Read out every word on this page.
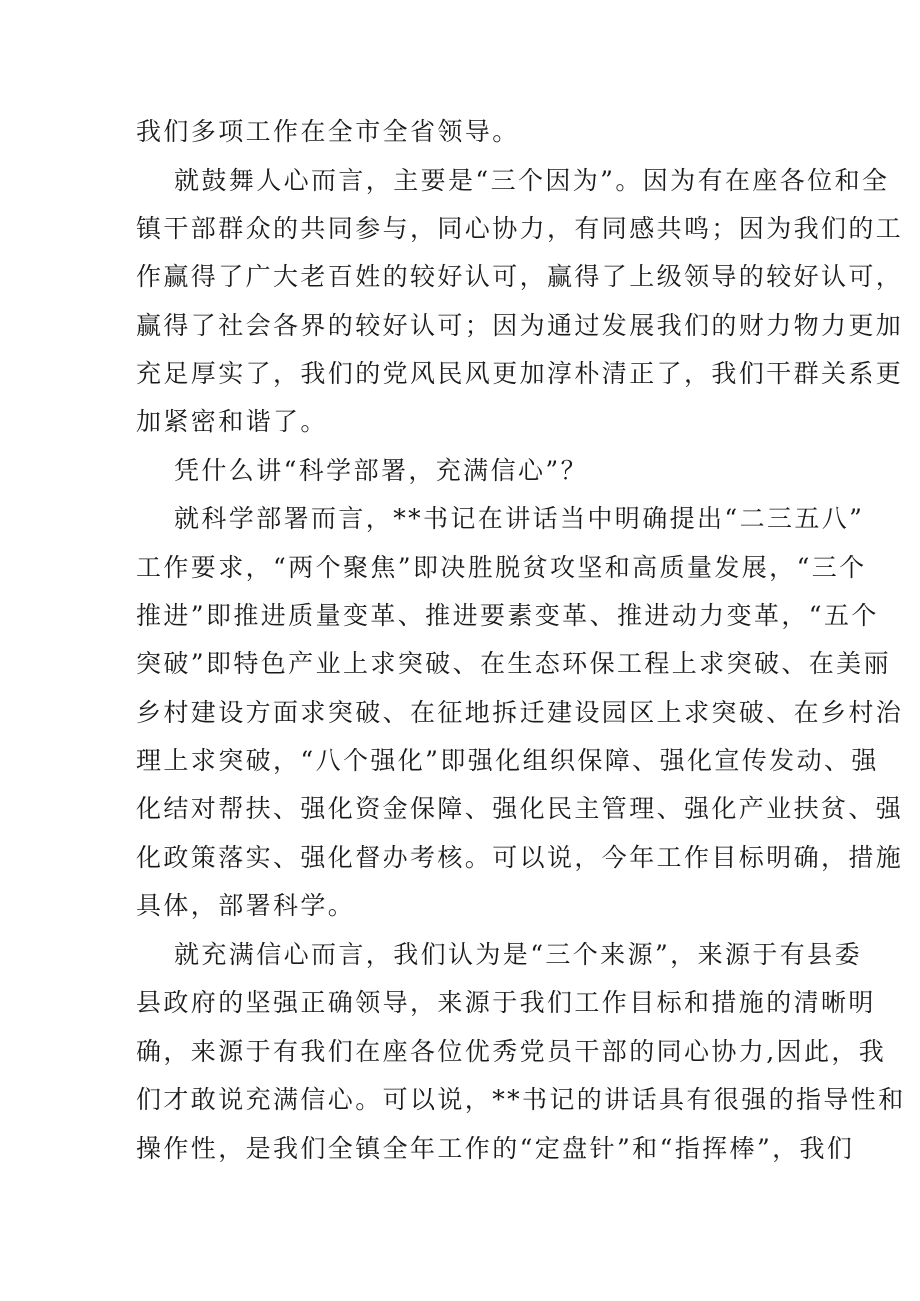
我们多项工作在全市全省领导。
就鼓舞人心而言，主要是“三个因为”。因为有在座各位和全
镇干部群众的共同参与，同心协力，有同感共鸣；因为我们的工
作赢得了广大老百姓的较好认可，赢得了上级领导的较好认可，
赢得了社会各界的较好认可；因为通过发展我们的财力物力更加
充足厚实了，我们的党风民风更加淳朴清正了，我们干群关系更
加紧密和谐了。
凭什么讲“科学部署，充满信心”？
就科学部署而言，**书记在讲话当中明确提出“二三五八”
工作要求，“两个聚焦”即决胜脱贫攻坚和高质量发展，“三个
推进”即推进质量变革、推进要素变革、推进动力变革，“五个
突破”即特色产业上求突破、在生态环保工程上求突破、在美丽
乡村建设方面求突破、在征地拆迁建设园区上求突破、在乡村治
理上求突破，“八个强化”即强化组织保障、强化宣传发动、强
化结对帮扶、强化资金保障、强化民主管理、强化产业扶贫、强
化政策落实、强化督办考核。可以说，今年工作目标明确，措施
具体，部署科学。
就充满信心而言，我们认为是“三个来源”，来源于有县委
县政府的坚强正确领导，来源于我们工作目标和措施的清晰明
确，来源于有我们在座各位优秀党员干部的同心协力,因此，我
们才敢说充满信心。可以说，**书记的讲话具有很强的指导性和
操作性，是我们全镇全年工作的“定盘针”和“指挥棒”，我们
